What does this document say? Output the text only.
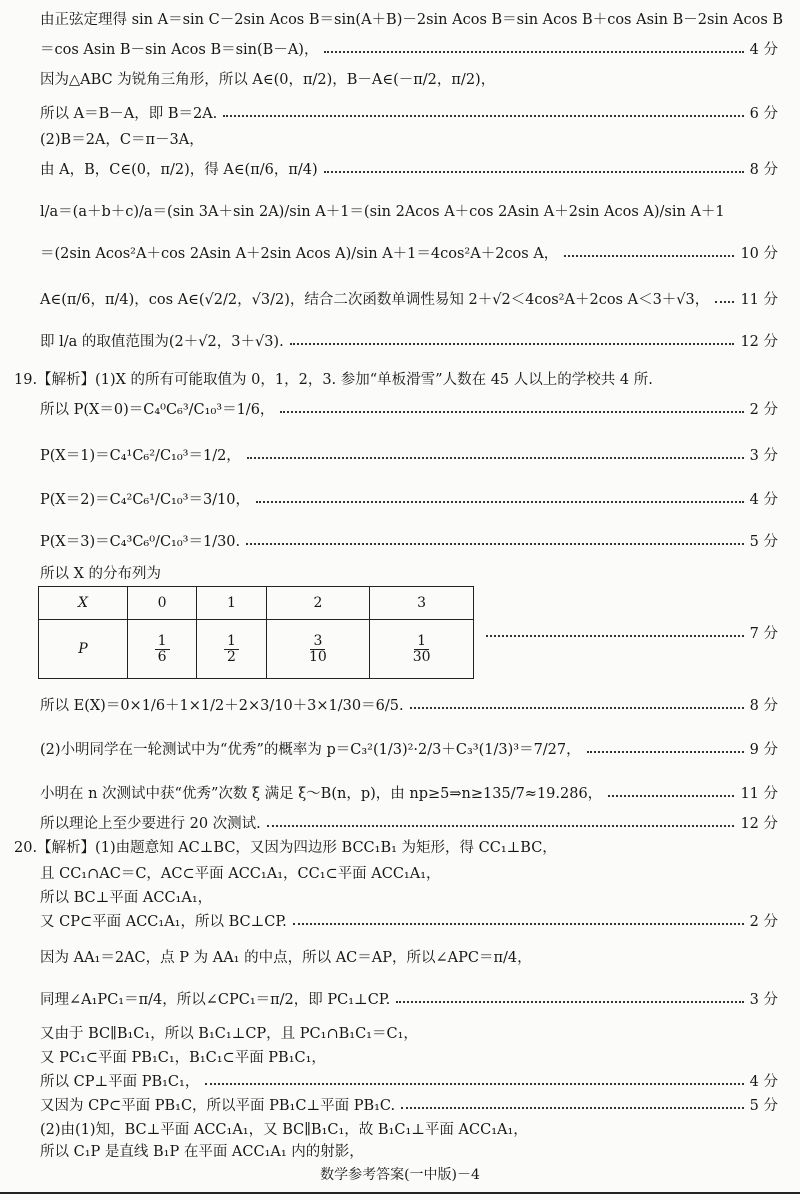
由正弦定理得 sin A＝sin C－2sin Acos B＝sin(A＋B)－2sin Acos B＝sin Acos B＋cos Asin B－2sin Acos B
＝cos Asin B－sin Acos B＝sin(B－A)，	4 分
因为△ABC 为锐角三角形，所以 A∈(0，π/2)，B－A∈(－π/2，π/2)，
所以 A＝B－A，即 B＝2A.	6 分
(2)B＝2A，C＝π－3A，
由 A，B，C∈(0，π/2)，得 A∈(π/6，π/4)	8 分
l/a＝(a＋b＋c)/a＝(sin 3A＋sin 2A)/sin A＋1＝(sin 2Acos A＋cos 2Asin A＋2sin Acos A)/sin A＋1
＝(2sin Acos²A＋cos 2Asin A＋2sin Acos A)/sin A＋1＝4cos²A＋2cos A，	10 分
A∈(π/6，π/4)，cos A∈(√2/2，√3/2)，结合二次函数单调性易知 2＋√2＜4cos²A＋2cos A＜3＋√3， 11 分
即 l/a 的取值范围为(2＋√2，3＋√3).	12 分
19.【解析】(1)X 的所有可能取值为 0，1，2，3. 参加“单板滑雪”人数在 45 人以上的学校共 4 所.
所以 P(X＝0)＝C₄⁰C₆³/C₁₀³＝1/6，	2 分
P(X＝1)＝C₄¹C₆²/C₁₀³＝1/2，	3 分
P(X＝2)＝C₄²C₆¹/C₁₀³＝3/10，	4 分
P(X＝3)＝C₄³C₆⁰/C₁₀³＝1/30.	5 分
所以 X 的分布列为
X	0	1	2	3
P	$\frac{1}{6}$	$\frac{1}{2}$	$\frac{3}{10}$	$\frac{1}{30}$
7 分
所以 E(X)＝0×1/6＋1×1/2＋2×3/10＋3×1/30＝6/5.	8 分
(2)小明同学在一轮测试中为“优秀”的概率为 p＝C₃²(1/3)²·2/3＋C₃³(1/3)³＝7/27，	9 分
小明在 n 次测试中获“优秀”次数 ξ 满足 ξ～B(n，p)，由 np≥5⇒n≥135/7≈19.286，	11 分
所以理论上至少要进行 20 次测试.	12 分
20.【解析】(1)由题意知 AC⊥BC，又因为四边形 BCC₁B₁ 为矩形，得 CC₁⊥BC，
且 CC₁∩AC＝C，AC⊂平面 ACC₁A₁，CC₁⊂平面 ACC₁A₁，
所以 BC⊥平面 ACC₁A₁，
又 CP⊂平面 ACC₁A₁，所以 BC⊥CP.	2 分
因为 AA₁＝2AC，点 P 为 AA₁ 的中点，所以 AC＝AP，所以∠APC＝π/4，
同理∠A₁PC₁＝π/4，所以∠CPC₁＝π/2，即 PC₁⊥CP.	3 分
又由于 BC∥B₁C₁，所以 B₁C₁⊥CP，且 PC₁∩B₁C₁＝C₁，
又 PC₁⊂平面 PB₁C₁，B₁C₁⊂平面 PB₁C₁，
所以 CP⊥平面 PB₁C₁，	4 分
又因为 CP⊂平面 PB₁C，所以平面 PB₁C⊥平面 PB₁C.	5 分
(2)由(1)知，BC⊥平面 ACC₁A₁，又 BC∥B₁C₁，故 B₁C₁⊥平面 ACC₁A₁，
所以 C₁P 是直线 B₁P 在平面 ACC₁A₁ 内的射影，
数学参考答案(一中版)－4
